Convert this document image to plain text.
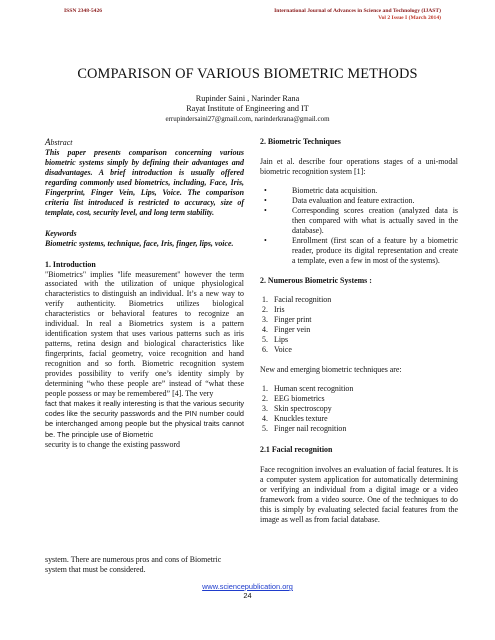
ISSN 2348-5426	International Journal of Advances in Science and Technology (IJAST)
Vol 2 Issue I (March 2014)
COMPARISON OF VARIOUS BIOMETRIC METHODS
Rupinder Saini , Narinder Rana
Rayat Institute of Engineering and IT
errupindersaini27@gmail.com, narinderkrana@gmail.com
Abstract
This paper presents comparison concerning various biometric systems simply by defining their advantages and disadvantages. A brief introduction is usually offered regarding commonly used biometrics, including, Face, Iris, Fingerprint, Finger Vein, Lips, Voice. The comparison criteria list introduced is restricted to accuracy, size of template, cost, security level, and long term stability.
Keywords
Biometric systems, technique, face, Iris, finger, lips, voice.
1. Introduction
"Biometrics" implies "life measurement" however the term associated with the utilization of unique physiological characteristics to distinguish an individual. It’s a new way to verify authenticity. Biometrics utilizes biological characteristics or behavioral features to recognize an individual. In real a Biometrics system is a pattern identification system that uses various patterns such as iris patterns, retina design and biological characteristics like fingerprints, facial geometry, voice recognition and hand recognition and so forth. Biometric recognition system provides possibility to verify one’s identity simply by determining “who these people are” instead of “what these people possess or may be remembered” [4]. The very
fact that makes it really interesting is that the various security codes like the security passwords and the PIN number could be interchanged among people but the physical traits cannot be. The principle use of Biometric
security is to change the existing password
system. There are numerous pros and cons of Biometric system that must be considered.
2. Biometric Techniques
Jain et al. describe four operations stages of a uni-modal biometric recognition system [1]:
•	Biometric data acquisition.
•	Data evaluation and feature extraction.
•	Corresponding scores creation (analyzed data is then compared with what is actually saved in the database).
•	Enrollment (first scan of a feature by a biometric reader, produce its digital representation and create a template, even a few in most of the systems).
2. Numerous Biometric Systems :
1. Facial recognition
2. Iris
3. Finger print
4. Finger vein
5. Lips
6. Voice
New and emerging biometric techniques are:
1. Human scent recognition
2. EEG biometrics
3. Skin spectroscopy
4. Knuckles texture
5. Finger nail recognition
2.1 Facial recognition
Face recognition involves an evaluation of facial features. It is a computer system application for automatically determining or verifying an individual from a digital image or a video framework from a video source. One of the techniques to do this is simply by evaluating selected facial features from the image as well as from facial database.
www.sciencepublication.org
24
